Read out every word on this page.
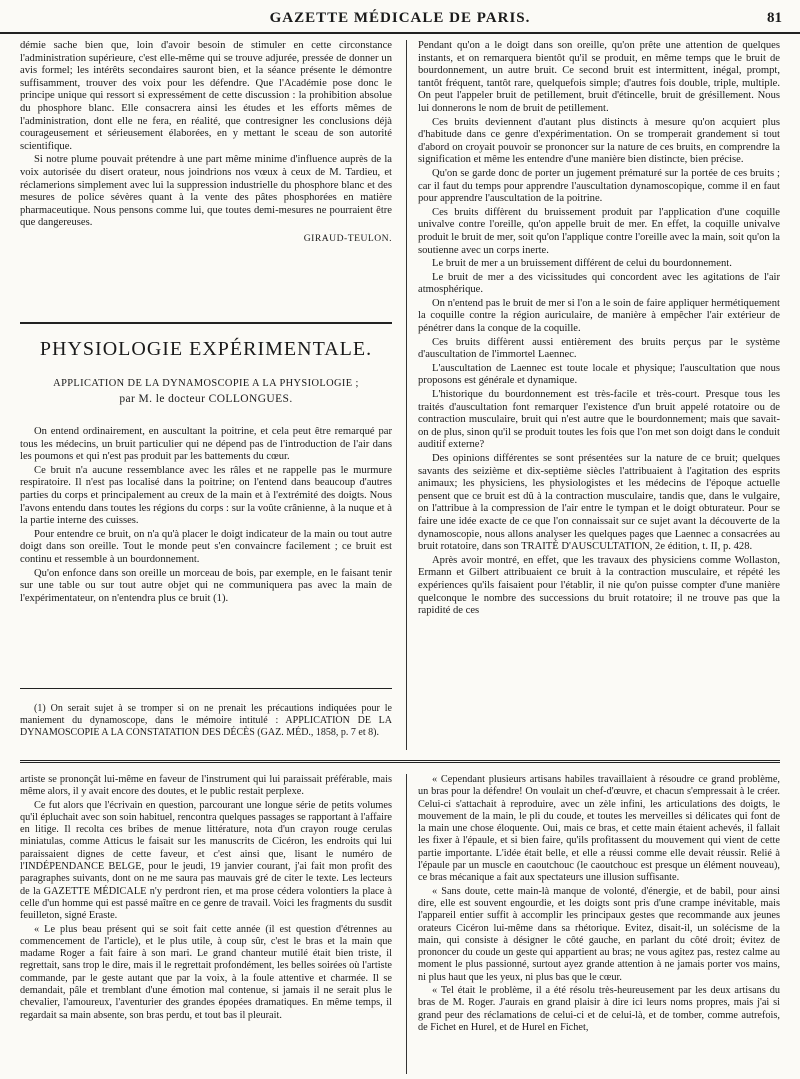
GAZETTE MÉDICALE DE PARIS.	81

démie sache bien que, loin d'avoir besoin de stimuler en cette circonstance l'administration supérieure, c'est elle-même qui se trouve adjurée, pressée de donner un avis formel; les intérêts secondaires sauront bien, et la séance présente le démontre suffisamment, trouver des voix pour les défendre. Que l'Académie pose donc le principe unique qui ressort si expressément de cette discussion : la prohibition absolue du phosphore blanc. Elle consacrera ainsi les études et les efforts mêmes de l'administration, dont elle ne fera, en réalité, que contresigner les conclusions déjà courageusement et sérieusement élaborées, en y mettant le sceau de son autorité scientifique.

Si notre plume pouvait prétendre à une part même minime d'influence auprès de la voix autorisée du disert orateur, nous joindrions nos vœux à ceux de M. Tardieu, et réclamerions simplement avec lui la suppression industrielle du phosphore blanc et des mesures de police sévères quant à la vente des pâtes phosphorées en matière pharmaceutique. Nous pensons comme lui, que toutes demi-mesures ne pourraient être que dangereuses.

GIRAUD-TEULON.
PHYSIOLOGIE EXPÉRIMENTALE.
APPLICATION DE LA DYNAMOSCOPIE A LA PHYSIOLOGIE ;
par M. le docteur COLLONGUES.

On entend ordinairement, en auscultant la poitrine, et cela peut être remarqué par tous les médecins, un bruit particulier qui ne dépend pas de l'introduction de l'air dans les poumons et qui n'est pas produit par les battements du cœur.

Ce bruit n'a aucune ressemblance avec les râles et ne rappelle pas le murmure respiratoire. Il n'est pas localisé dans la poitrine; on l'entend dans beaucoup d'autres parties du corps et principalement au creux de la main et à l'extrémité des doigts. Nous l'avons entendu dans toutes les régions du corps : sur la voûte crânienne, à la nuque et à la partie interne des cuisses.

Pour entendre ce bruit, on n'a qu'à placer le doigt indicateur de la main ou tout autre doigt dans son oreille. Tout le monde peut s'en convaincre facilement ; ce bruit est continu et ressemble à un bourdonnement.

Qu'on enfonce dans son oreille un morceau de bois, par exemple, en le faisant tenir sur une table ou sur tout autre objet qui ne communiquera pas avec la main de l'expérimentateur, on n'entendra plus ce bruit (1).

(1) On serait sujet à se tromper si on ne prenait les précautions indiquées pour le maniement du dynamoscope, dans le mémoire intitulé : APPLICATION DE LA DYNAMOSCOPIE A LA CONSTATATION DES DÉCÈS (GAZ. MÉD., 1858, p. 7 et 8).

Pendant qu'on a le doigt dans son oreille, qu'on prête une attention de quelques instants, et on remarquera bientôt qu'il se produit, en même temps que le bruit de bourdonnement, un autre bruit. Ce second bruit est intermittent, inégal, prompt, tantôt fréquent, tantôt rare, quelquefois simple; d'autres fois double, triple, multiple. On peut l'appeler bruit de petillement, bruit d'étincelle, bruit de grésillement. Nous lui donnerons le nom de bruit de petillement.

Ces bruits deviennent d'autant plus distincts à mesure qu'on acquiert plus d'habitude dans ce genre d'expérimentation. On se tromperait grandement si tout d'abord on croyait pouvoir se prononcer sur la nature de ces bruits, en comprendre la signification et même les entendre d'une manière bien distincte, bien précise.

Qu'on se garde donc de porter un jugement prématuré sur la portée de ces bruits ; car il faut du temps pour apprendre l'auscultation dynamoscopique, comme il en faut pour apprendre l'auscultation de la poitrine.

Ces bruits diffèrent du bruissement produit par l'application d'une coquille univalve contre l'oreille, qu'on appelle bruit de mer. En effet, la coquille univalve produit le bruit de mer, soit qu'on l'applique contre l'oreille avec la main, soit qu'on la soutienne avec un corps inerte.

Le bruit de mer a un bruissement différent de celui du bourdonnement.

Le bruit de mer a des vicissitudes qui concordent avec les agitations de l'air atmosphérique.

On n'entend pas le bruit de mer si l'on a le soin de faire appliquer hermétiquement la coquille contre la région auriculaire, de manière à empêcher l'air extérieur de pénétrer dans la conque de la coquille.

Ces bruits diffèrent aussi entièrement des bruits perçus par le système d'auscultation de l'immortel Laennec.

L'auscultation de Laennec est toute locale et physique; l'auscultation que nous proposons est générale et dynamique.

L'historique du bourdonnement est très-facile et très-court. Presque tous les traités d'auscultation font remarquer l'existence d'un bruit appelé rotatoire ou de contraction musculaire, bruit qui n'est autre que le bourdonnement; mais que savait-on de plus, sinon qu'il se produit toutes les fois que l'on met son doigt dans le conduit auditif externe?

Des opinions différentes se sont présentées sur la nature de ce bruit; quelques savants des seizième et dix-septième siècles l'attribuaient à l'agitation des esprits animaux; les physiciens, les physiologistes et les médecins de l'époque actuelle pensent que ce bruit est dû à la contraction musculaire, tandis que, dans le vulgaire, on l'attribue à la compression de l'air entre le tympan et le doigt obturateur. Pour se faire une idée exacte de ce que l'on connaissait sur ce sujet avant la découverte de la dynamoscopie, nous allons analyser les quelques pages que Laennec a consacrées au bruit rotatoire, dans son TRAITÉ D'AUSCULTATION, 2e édition, t. II, p. 428.

Après avoir montré, en effet, que les travaux des physiciens comme Wollaston, Ermann et Gilbert attribuaient ce bruit à la contraction musculaire, et répété les expériences qu'ils faisaient pour l'établir, il nie qu'on puisse compter d'une manière quelconque le nombre des successions du bruit rotatoire; il ne trouve pas que la rapidité de ces

artiste se prononçât lui-même en faveur de l'instrument qui lui paraissait préférable, mais même alors, il y avait encore des doutes, et le public restait perplexe.

Ce fut alors que l'écrivain en question, parcourant une longue série de petits volumes qu'il épluchait avec son soin habituel, rencontra quelques passages se rapportant à l'affaire en litige. Il recolta ces bribes de menue littérature, nota d'un crayon rouge cerulas miniatulas, comme Atticus le faisait sur les manuscrits de Cicéron, les endroits qui lui paraissaient dignes de cette faveur, et c'est ainsi que, lisant le numéro de l'INDÉPENDANCE BELGE, pour le jeudi, 19 janvier courant, j'ai fait mon profit des paragraphes suivants, dont on ne me saura pas mauvais gré de citer le texte. Les lecteurs de la GAZETTE MÉDICALE n'y perdront rien, et ma prose cédera volontiers la place à celle d'un homme qui est passé maître en ce genre de travail. Voici les fragments du susdit feuilleton, signé Eraste.

« Le plus beau présent qui se soit fait cette année (il est question d'étrennes au commencement de l'article), et le plus utile, à coup sûr, c'est le bras et la main que madame Roger a fait faire à son mari. Le grand chanteur mutilé était bien triste, il regrettait, sans trop le dire, mais il le regrettait profondément, les belles soirées où l'artiste commande, par le geste autant que par la voix, à la foule attentive et charmée. Il se demandait, pâle et tremblant d'une émotion mal contenue, si jamais il ne serait plus le chevalier, l'amoureux, l'aventurier des grandes épopées dramatiques. En même temps, il regardait sa main absente, son bras perdu, et tout bas il pleurait.

« Cependant plusieurs artisans habiles travaillaient à résoudre ce grand problème, un bras pour la défendre! On voulait un chef-d'œuvre, et chacun s'empressait à le créer. Celui-ci s'attachait à reproduire, avec un zèle infini, les articulations des doigts, le mouvement de la main, le pli du coude, et toutes les merveilles si délicates qui font de la main une chose éloquente. Oui, mais ce bras, et cette main étaient achevés, il fallait les fixer à l'épaule, et si bien faire, qu'ils profitassent du mouvement qui vient de cette partie importante. L'idée était belle, et elle a réussi comme elle devait réussir. Relié à l'épaule par un muscle en caoutchouc (le caoutchouc est presque un élément nouveau), ce bras mécanique a fait aux spectateurs une illusion suffisante.

« Sans doute, cette main-là manque de volonté, d'énergie, et de babil, pour ainsi dire, elle est souvent engourdie, et les doigts sont pris d'une crampe inévitable, mais l'appareil entier suffit à accomplir les principaux gestes que recommande aux jeunes orateurs Cicéron lui-même dans sa rhétorique. Evitez, disait-il, un solécisme de la main, qui consiste à désigner le côté gauche, en parlant du côté droit; évitez de prononcer du coude un geste qui appartient au bras; ne vous agitez pas, restez calme au moment le plus passionné, surtout ayez grande attention à ne jamais porter vos mains, ni plus haut que les yeux, ni plus bas que le cœur.

« Tel était le problème, il a été résolu très-heureusement par les deux artisans du bras de M. Roger. J'aurais en grand plaisir à dire ici leurs noms propres, mais j'ai si grand peur des réclamations de celui-ci et de celui-là, et de tomber, comme autrefois, de Fichet en Hurel, et de Hurel en Fichet,
